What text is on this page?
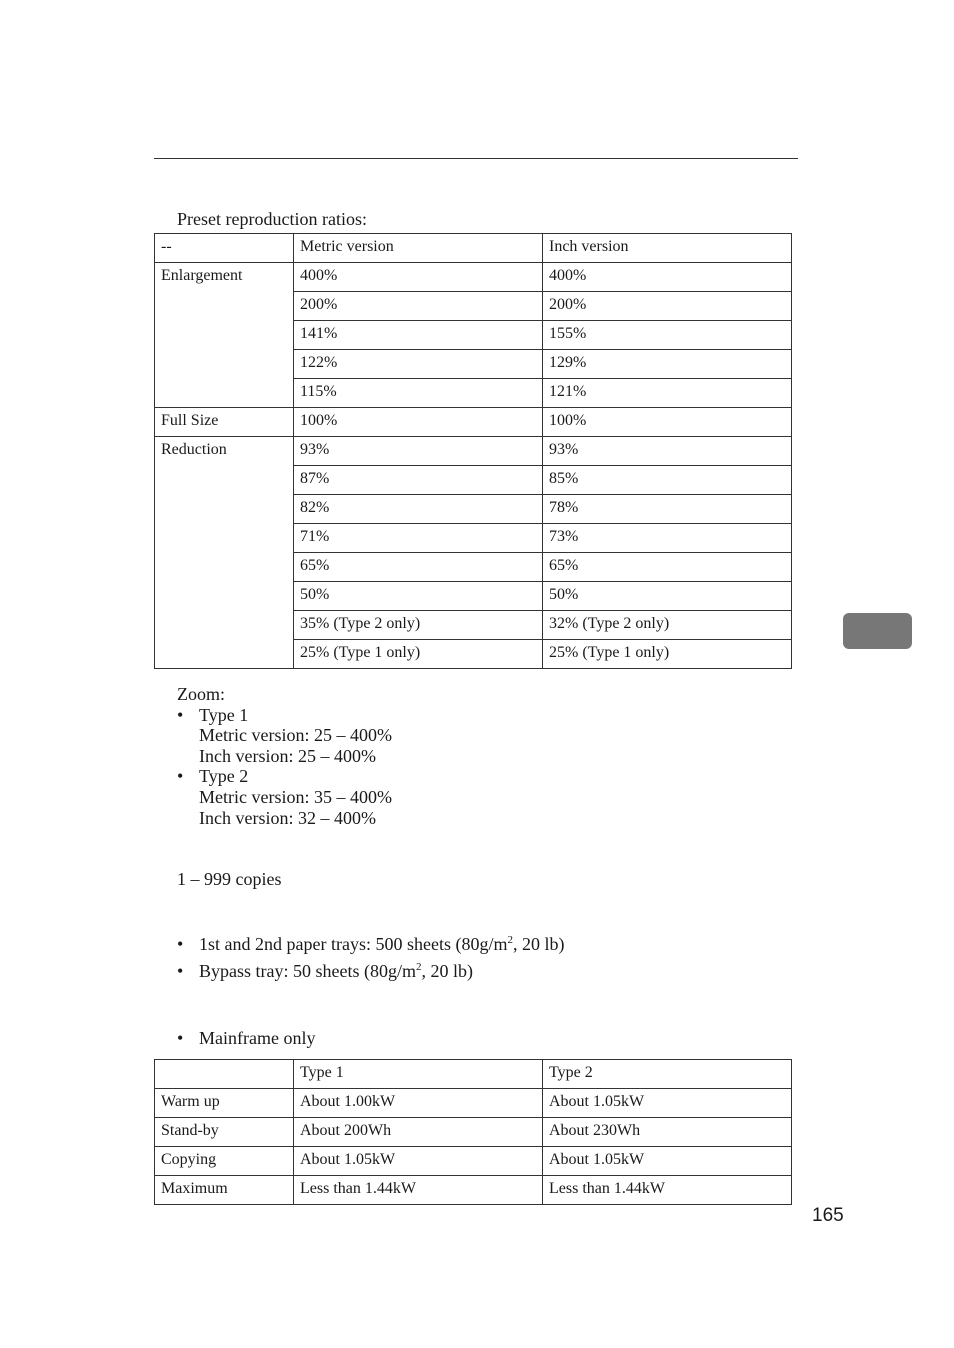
Preset reproduction ratios:
--	Metric version	Inch version
Enlargement	400%	400%
	200%	200%
	141%	155%
	122%	129%
	115%	121%
Full Size	100%	100%
Reduction	93%	93%
	87%	85%
	82%	78%
	71%	73%
	65%	65%
	50%	50%
	35% (Type 2 only)	32% (Type 2 only)
	25% (Type 1 only)	25% (Type 1 only)
Zoom:
• Type 1
Metric version: 25 – 400%
Inch version: 25 – 400%
• Type 2
Metric version: 35 – 400%
Inch version: 32 – 400%
1 – 999 copies
• 1st and 2nd paper trays: 500 sheets ($80g/m^2$, 20 lb)
• Bypass tray: 50 sheets ($80g/m^2$, 20 lb)
• Mainframe only
	Type 1	Type 2
Warm up	About 1.00kW	About 1.05kW
Stand-by	About 200Wh	About 230Wh
Copying	About 1.05kW	About 1.05kW
Maximum	Less than 1.44kW	Less than 1.44kW
165
